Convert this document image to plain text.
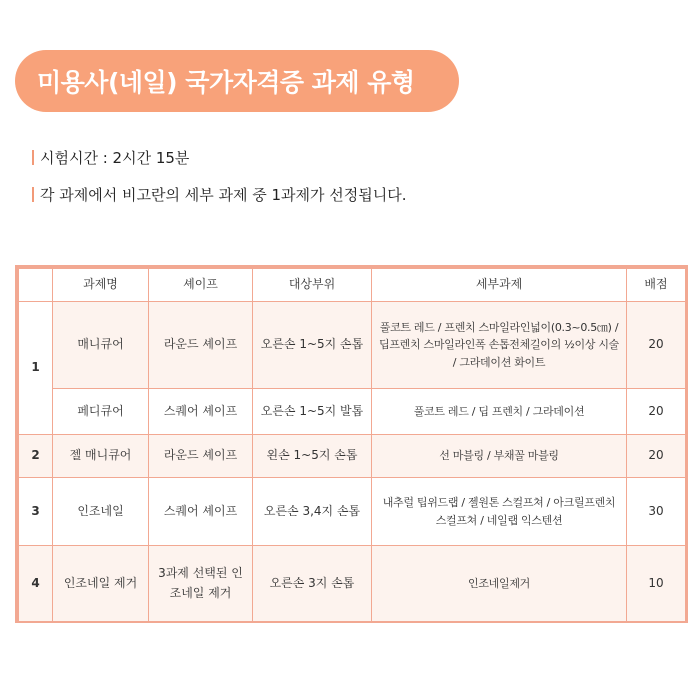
미용사(네일) 국가자격증 과제 유형
시험시간 : 2시간 15분
각 과제에서 비고란의 세부 과제 중 1과제가 선정됩니다.
	과제명	셰이프	대상부위	세부과제	배점
1	매니큐어	라운드 셰이프	오른손 1~5지 손톱	풀코트 레드 / 프렌치 스마일라인넓이(0.3~0.5㎝) / 딥프렌치 스마일라인폭 손톱전체길이의 ½이상 시술 / 그라데이션 화이트	20
	페디큐어	스퀘어 셰이프	오른손 1~5지 발톱	풀코트 레드 / 딥 프렌치 / 그라데이션	20
2	젤 매니큐어	라운드 셰이프	왼손 1~5지 손톱	선 마블링 / 부채꼴 마블링	20
3	인조네일	스퀘어 셰이프	오른손 3,4지 손톱	내추럴 팁위드랩 / 젤원톤 스컬프쳐 / 아크릴프렌치 스컬프쳐 / 네일랩 익스텐션	30
4	인조네일 제거	3과제 선택된 인조네일 제거	오른손 3지 손톱	인조네일제거	10
